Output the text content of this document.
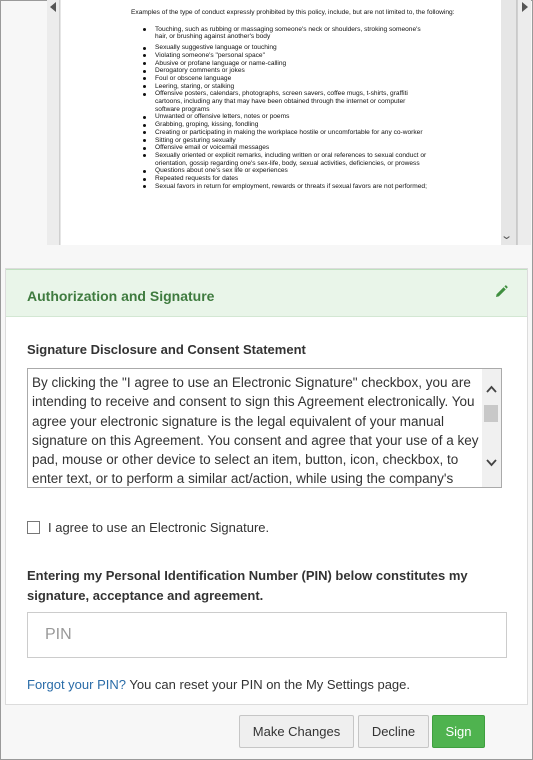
Examples of the type of conduct expressly prohibited by this policy, include, but are not limited to, the following:

Touching, such as rubbing or massaging someone's neck or shoulders, stroking someone's hair, or brushing against another's body
Sexually suggestive language or touching
Violating someone's "personal space"
Abusive or profane language or name-calling
Derogatory comments or jokes
Foul or obscene language
Leering, staring, or stalking
Offensive posters, calendars, photographs, screen savers, coffee mugs, t-shirts, graffiti cartoons, including any that may have been obtained through the internet or computer software programs
Unwanted or offensive letters, notes or poems
Grabbing, groping, kissing, fondling
Creating or participating in making the workplace hostile or uncomfortable for any co-worker
Sitting or gesturing sexually
Offensive email or voicemail messages
Sexually oriented or explicit remarks, including written or oral references to sexual conduct or orientation, gossip regarding one's sex-life, body, sexual activities, deficiencies, or prowess
Questions about one's sex life or experiences
Repeated requests for dates
Sexual favors in return for employment, rewards or threats if sexual favors are not performed;
⌄
Authorization and Signature
Signature Disclosure and Consent Statement
By clicking the "I agree to use an Electronic Signature" checkbox, you are intending to receive and consent to sign this Agreement electronically. You agree your electronic signature is the legal equivalent of your manual signature on this Agreement. You consent and agree that your use of a key pad, mouse or other device to select an item, button, icon, checkbox, to enter text, or to perform a similar act/action, while using the company's
I agree to use an Electronic Signature.
Entering my Personal Identification Number (PIN) below constitutes my signature, acceptance and agreement.
Forgot your PIN? You can reset your PIN on the My Settings page.
Make Changes	Decline	Sign
